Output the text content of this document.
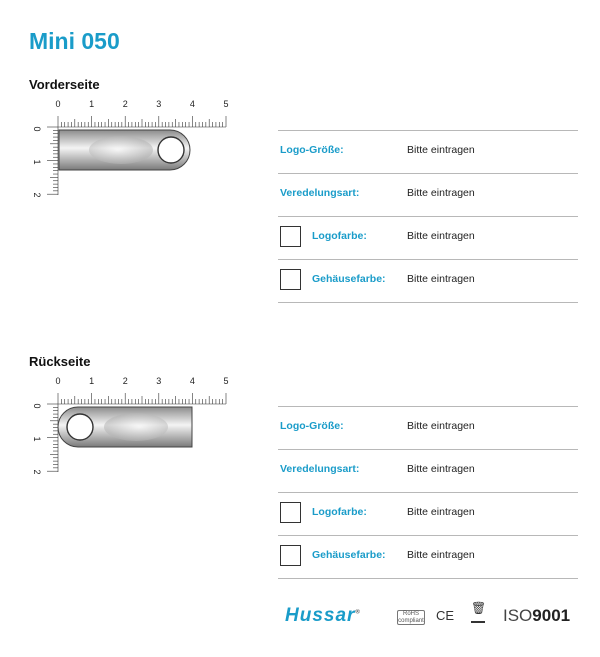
Mini 050
Vorderseite
0	1	2	3	4	5
0
1
2
Logo-Größe:	Bitte eintragen
Veredelungsart:	Bitte eintragen
Logofarbe:	Bitte eintragen
Gehäusefarbe: Bitte eintragen
Rückseite
0	1	2	3	4	5
0
1
2
Logo-Größe:	Bitte eintragen
Veredelungsart:	Bitte eintragen
Logofarbe:	Bitte eintragen
Gehäusefarbe: Bitte eintragen
Hussar®	RoHS
compliant CE 🗑 ISO9001
